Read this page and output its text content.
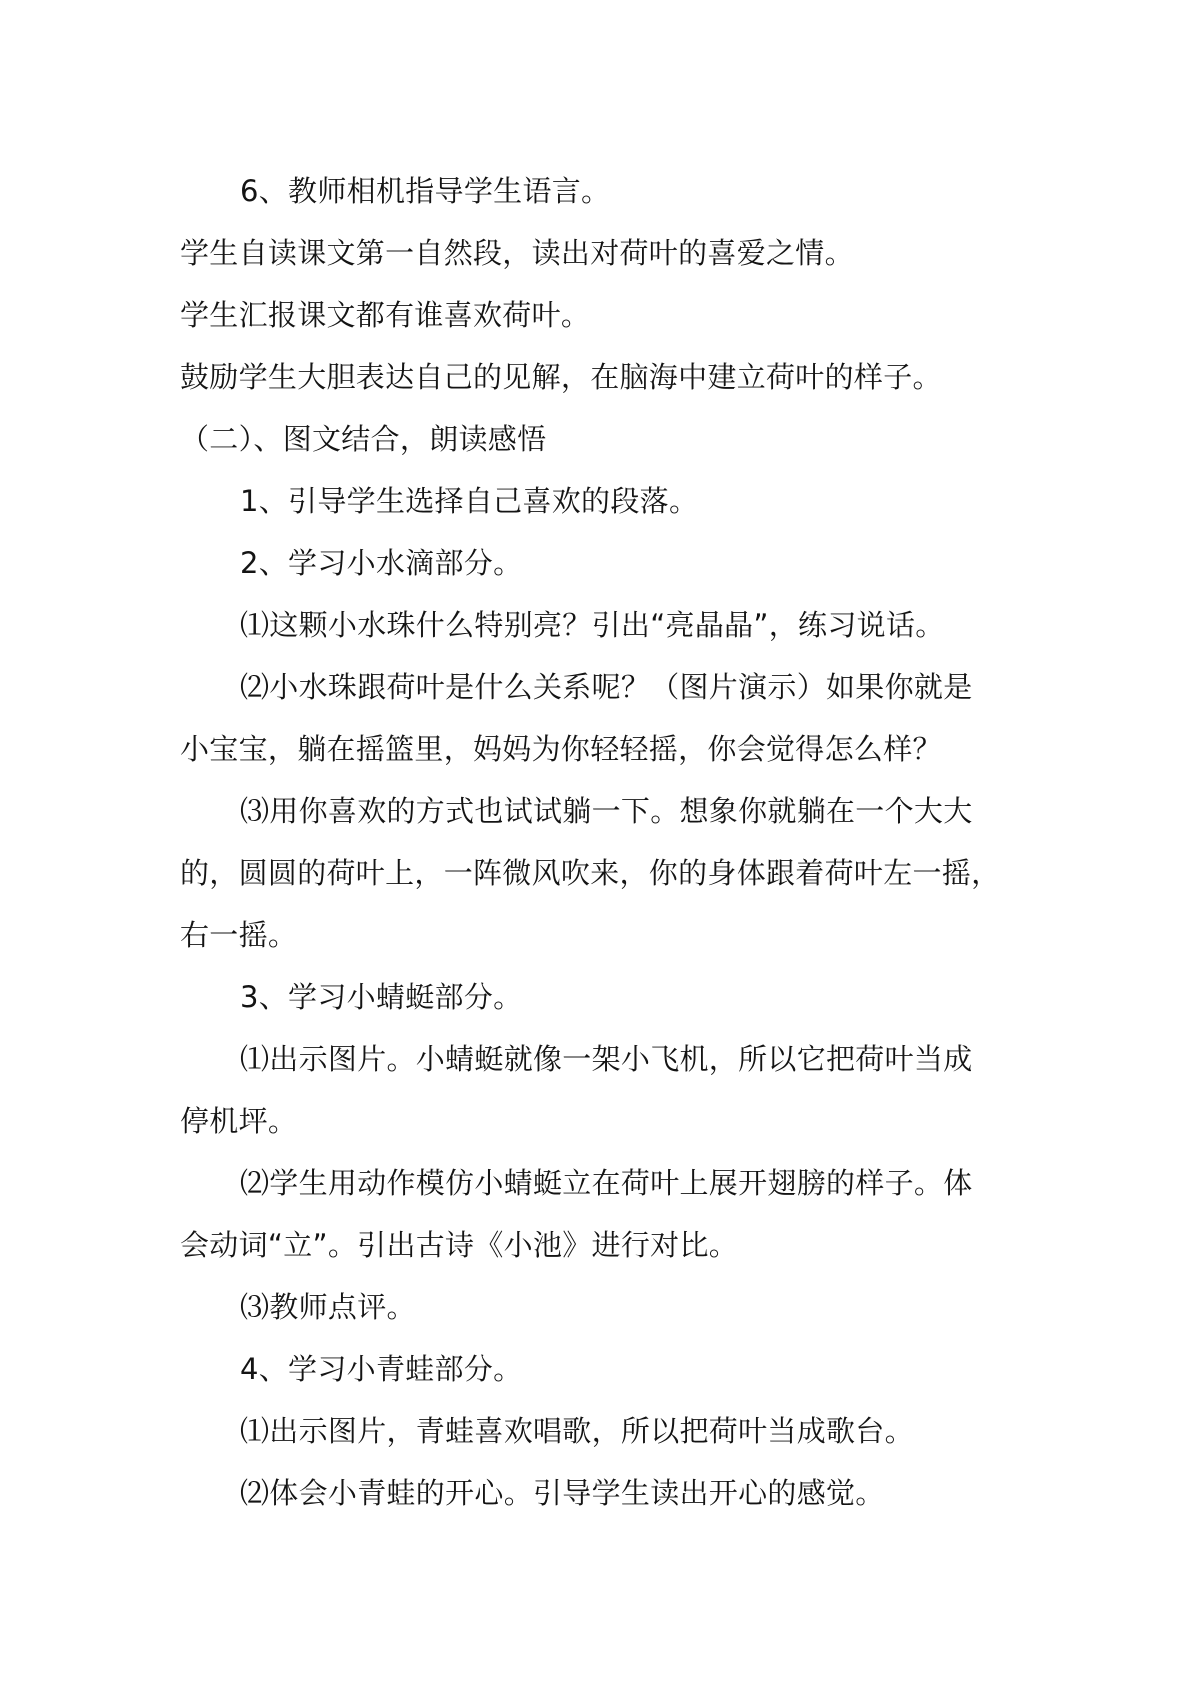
6、教师相机指导学生语言。
学生自读课文第一自然段，读出对荷叶的喜爱之情。
学生汇报课文都有谁喜欢荷叶。
鼓励学生大胆表达自己的见解，在脑海中建立荷叶的样子。
（二）、图文结合，朗读感悟
1、引导学生选择自己喜欢的段落。
2、学习小水滴部分。
⑴这颗小水珠什么特别亮？引出“亮晶晶”，练习说话。
⑵小水珠跟荷叶是什么关系呢？（图片演示）如果你就是
小宝宝，躺在摇篮里，妈妈为你轻轻摇，你会觉得怎么样？
⑶用你喜欢的方式也试试躺一下。想象你就躺在一个大大
的，圆圆的荷叶上，一阵微风吹来，你的身体跟着荷叶左一摇，
右一摇。
3、学习小蜻蜓部分。
⑴出示图片。小蜻蜓就像一架小飞机，所以它把荷叶当成
停机坪。
⑵学生用动作模仿小蜻蜓立在荷叶上展开翅膀的样子。体
会动词“立”。引出古诗《小池》进行对比。
⑶教师点评。
4、学习小青蛙部分。
⑴出示图片，青蛙喜欢唱歌，所以把荷叶当成歌台。
⑵体会小青蛙的开心。引导学生读出开心的感觉。
